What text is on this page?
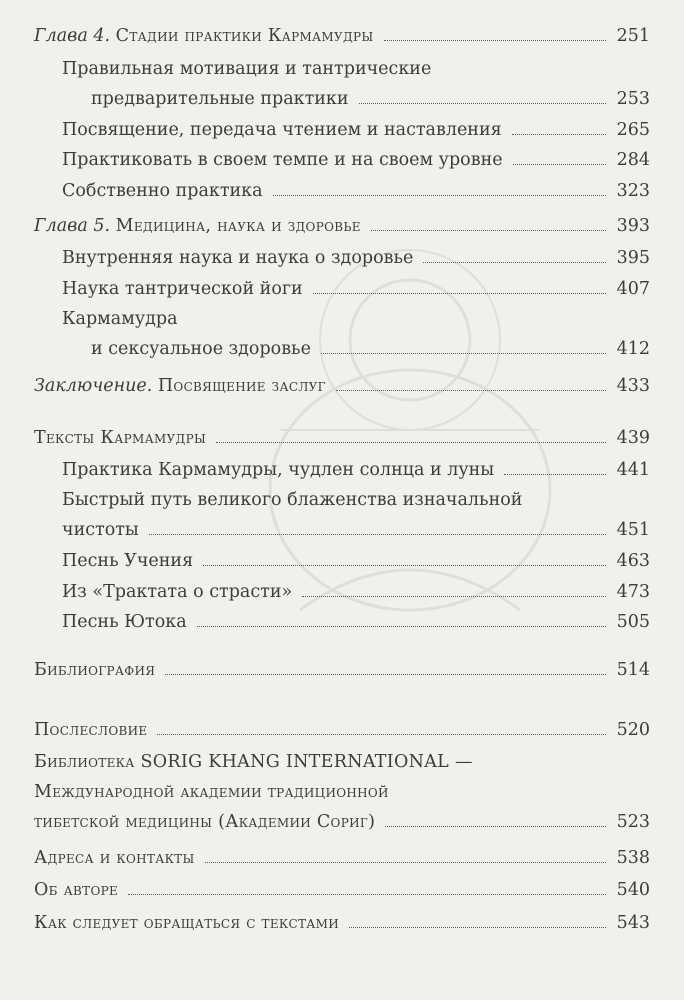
Глава 4. Стадии практики Кармамудры	251
Правильная мотивация и тантрические
предварительные практики	253
Посвящение, передача чтением и наставления	265
Практиковать в своем темпе и на своем уровне	284
Собственно практика	323
Глава 5. Медицина, наука и здоровье	393
Внутренняя наука и наука о здоровье	395
Наука тантрической йоги	407
Кармамудра
и сексуальное здоровье	412
Заключение. Посвящение заслуг	433
Тексты Кармамудры	439
Практика Кармамудры, чудлен солнца и луны	441
Быстрый путь великого блаженства изначальной
чистоты	451
Песнь Учения	463
Из «Трактата о страсти»	473
Песнь Ютока	505
Библиография	514
Послесловие	520
Библиотека SORIG KHANG INTERNATIONAL —
Международной академии традиционной
тибетской медицины (Академии Сориг)	523
Адреса и контакты	538
Об авторе	540
Как следует обращаться с текстами	543
